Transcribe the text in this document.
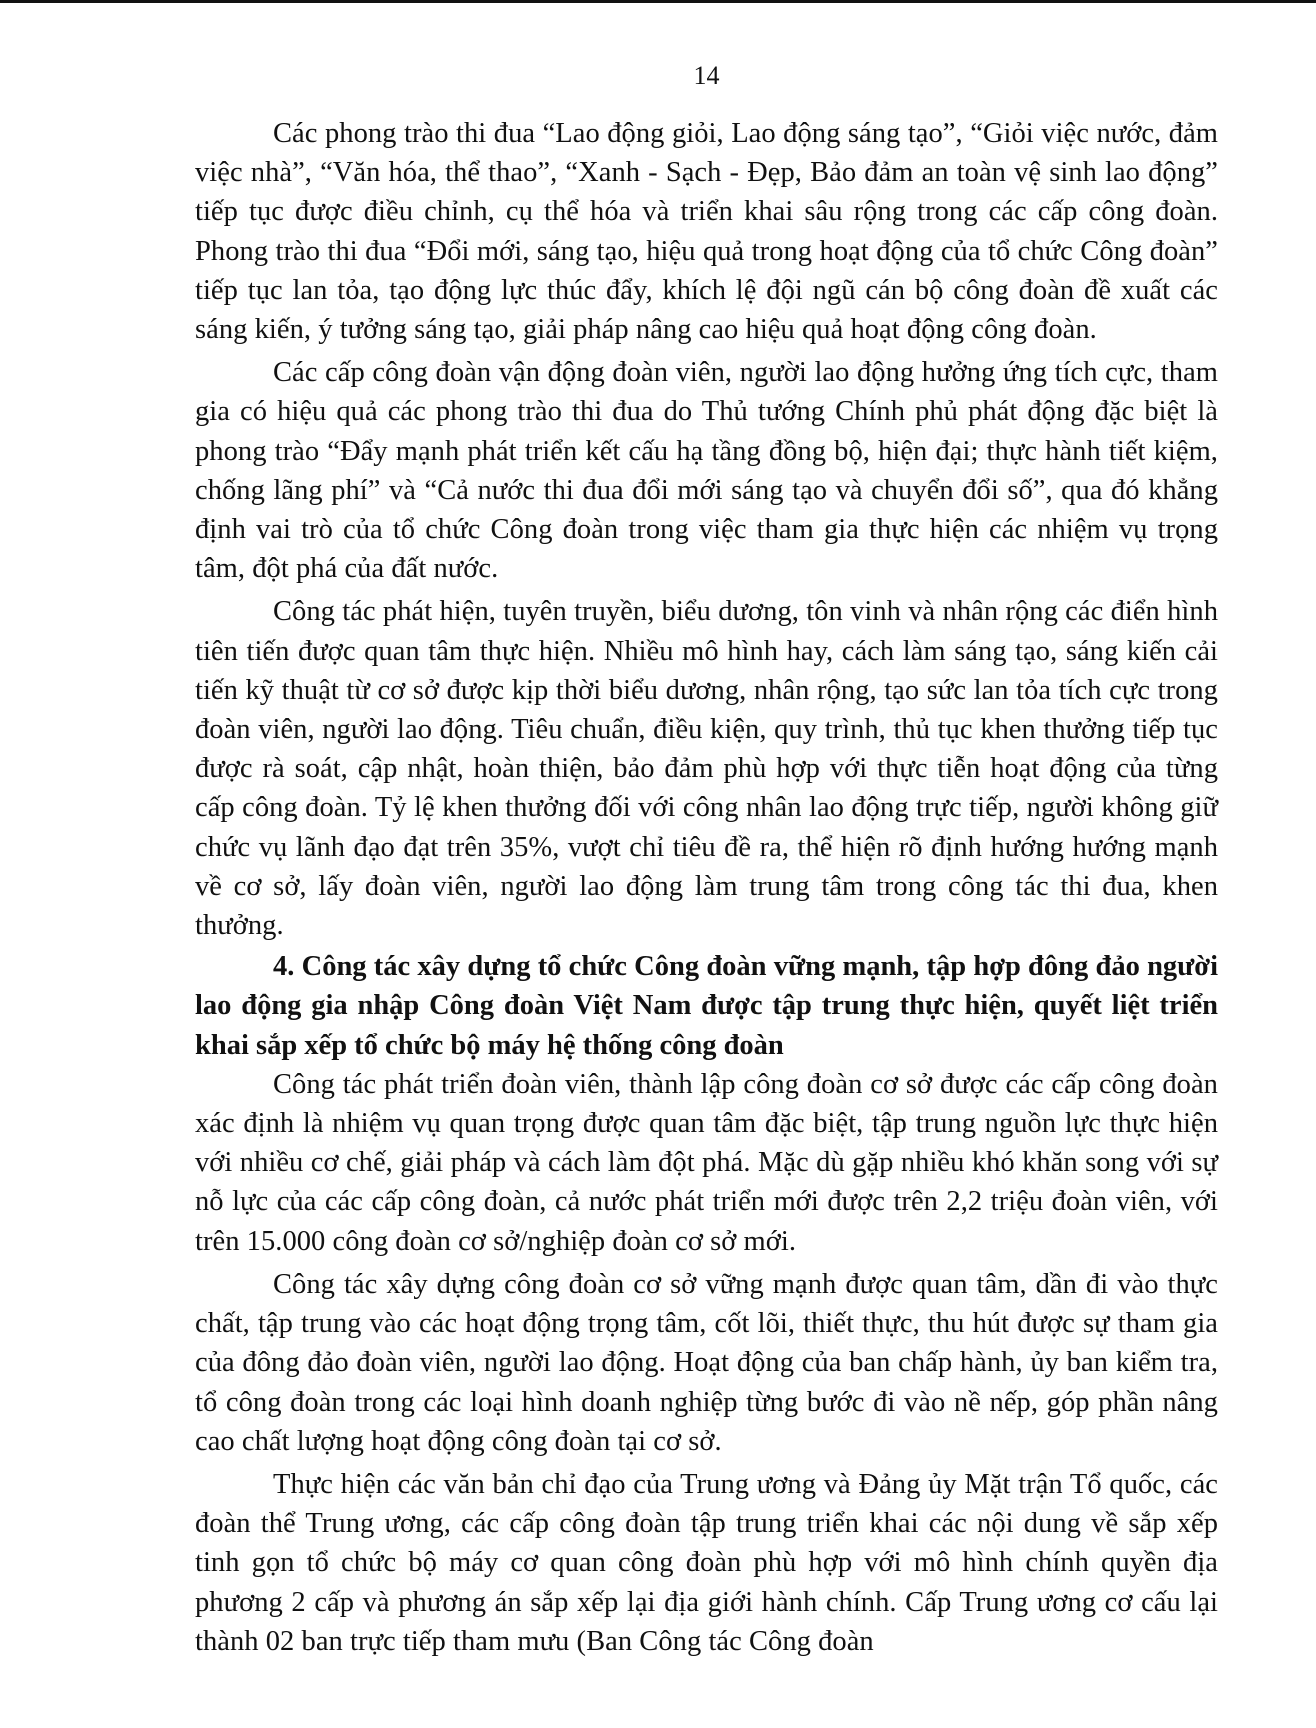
14

Các phong trào thi đua “Lao động giỏi, Lao động sáng tạo”, “Giỏi việc nước, đảm việc nhà”, “Văn hóa, thể thao”, “Xanh - Sạch - Đẹp, Bảo đảm an toàn vệ sinh lao động” tiếp tục được điều chỉnh, cụ thể hóa và triển khai sâu rộng trong các cấp công đoàn. Phong trào thi đua “Đổi mới, sáng tạo, hiệu quả trong hoạt động của tổ chức Công đoàn” tiếp tục lan tỏa, tạo động lực thúc đẩy, khích lệ đội ngũ cán bộ công đoàn đề xuất các sáng kiến, ý tưởng sáng tạo, giải pháp nâng cao hiệu quả hoạt động công đoàn.

Các cấp công đoàn vận động đoàn viên, người lao động hưởng ứng tích cực, tham gia có hiệu quả các phong trào thi đua do Thủ tướng Chính phủ phát động đặc biệt là phong trào “Đẩy mạnh phát triển kết cấu hạ tầng đồng bộ, hiện đại; thực hành tiết kiệm, chống lãng phí” và “Cả nước thi đua đổi mới sáng tạo và chuyển đổi số”, qua đó khẳng định vai trò của tổ chức Công đoàn trong việc tham gia thực hiện các nhiệm vụ trọng tâm, đột phá của đất nước.

Công tác phát hiện, tuyên truyền, biểu dương, tôn vinh và nhân rộng các điển hình tiên tiến được quan tâm thực hiện. Nhiều mô hình hay, cách làm sáng tạo, sáng kiến cải tiến kỹ thuật từ cơ sở được kịp thời biểu dương, nhân rộng, tạo sức lan tỏa tích cực trong đoàn viên, người lao động. Tiêu chuẩn, điều kiện, quy trình, thủ tục khen thưởng tiếp tục được rà soát, cập nhật, hoàn thiện, bảo đảm phù hợp với thực tiễn hoạt động của từng cấp công đoàn. Tỷ lệ khen thưởng đối với công nhân lao động trực tiếp, người không giữ chức vụ lãnh đạo đạt trên 35%, vượt chỉ tiêu đề ra, thể hiện rõ định hướng hướng mạnh về cơ sở, lấy đoàn viên, người lao động làm trung tâm trong công tác thi đua, khen thưởng.

4. Công tác xây dựng tổ chức Công đoàn vững mạnh, tập hợp đông đảo người lao động gia nhập Công đoàn Việt Nam được tập trung thực hiện, quyết liệt triển khai sắp xếp tổ chức bộ máy hệ thống công đoàn

Công tác phát triển đoàn viên, thành lập công đoàn cơ sở được các cấp công đoàn xác định là nhiệm vụ quan trọng được quan tâm đặc biệt, tập trung nguồn lực thực hiện với nhiều cơ chế, giải pháp và cách làm đột phá. Mặc dù gặp nhiều khó khăn song với sự nỗ lực của các cấp công đoàn, cả nước phát triển mới được trên 2,2 triệu đoàn viên, với trên 15.000 công đoàn cơ sở/nghiệp đoàn cơ sở mới.

Công tác xây dựng công đoàn cơ sở vững mạnh được quan tâm, dần đi vào thực chất, tập trung vào các hoạt động trọng tâm, cốt lõi, thiết thực, thu hút được sự tham gia của đông đảo đoàn viên, người lao động. Hoạt động của ban chấp hành, ủy ban kiểm tra, tổ công đoàn trong các loại hình doanh nghiệp từng bước đi vào nề nếp, góp phần nâng cao chất lượng hoạt động công đoàn tại cơ sở.

Thực hiện các văn bản chỉ đạo của Trung ương và Đảng ủy Mặt trận Tổ quốc, các đoàn thể Trung ương, các cấp công đoàn tập trung triển khai các nội dung về sắp xếp tinh gọn tổ chức bộ máy cơ quan công đoàn phù hợp với mô hình chính quyền địa phương 2 cấp và phương án sắp xếp lại địa giới hành chính. Cấp Trung ương cơ cấu lại thành 02 ban trực tiếp tham mưu (Ban Công tác Công đoàn
